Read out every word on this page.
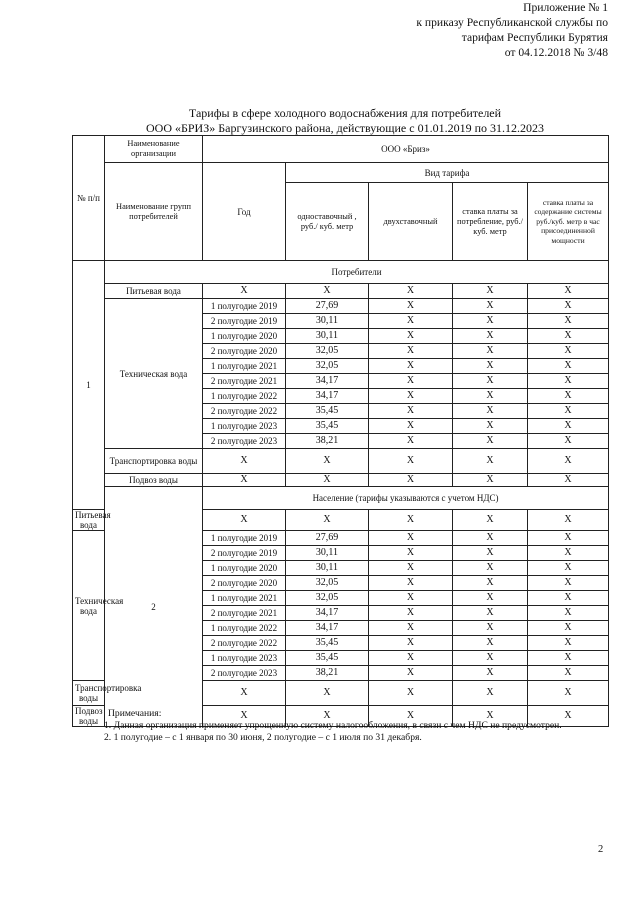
Приложение № 1
к приказу Республиканской службы по
тарифам Республики Бурятия
от 04.12.2018 № 3/48
Тарифы в сфере холодного водоснабжения для потребителей
ООО «БРИЗ» Баргузинского района, действующие с 01.01.2019 по 31.12.2023
№ п/п	Наименование организации	ООО «Бриз»					
	Наименование групп потребителей	Год	Вид тарифа				
			одноставочный , руб./ куб. метр	двухставочный	ставка платы за потребление, руб./ куб. метр	ставка платы за содержание системы руб./куб. метр в час присоединенной мощности	
1	Потребители						
	Питьевая вода	Х	Х	Х	Х	Х	
	Техническая вода	1 полугодие 2019	27,69	Х	Х	Х	
		2 полугодие 2019	30,11	Х	Х	Х	
		1 полугодие 2020	30,11	Х	Х	Х	
		2 полугодие 2020	32,05	Х	Х	Х	
		1 полугодие 2021	32,05	Х	Х	Х	
		2 полугодие 2021	34,17	Х	Х	Х	
		1 полугодие 2022	34,17	Х	Х	Х	
		2 полугодие 2022	35,45	Х	Х	Х	
		1 полугодие 2023	35,45	Х	Х	Х	
		2 полугодие 2023	38,21	Х	Х	Х	
	Транспортировка воды	Х	Х	Х	Х	Х	
	Подвоз воды	Х	Х	Х	Х	Х	
	2	Население (тарифы указываются с учетом НДС)					
Питьевая вода		Х	Х	Х	Х	Х	
Техническая вода		1 полугодие 2019	27,69	Х	Х	Х	
		2 полугодие 2019	30,11	Х	Х	Х	
		1 полугодие 2020	30,11	Х	Х	Х	
		2 полугодие 2020	32,05	Х	Х	Х	
		1 полугодие 2021	32,05	Х	Х	Х	
		2 полугодие 2021	34,17	Х	Х	Х	
		1 полугодие 2022	34,17	Х	Х	Х	
		2 полугодие 2022	35,45	Х	Х	Х	
		1 полугодие 2023	35,45	Х	Х	Х	
		2 полугодие 2023	38,21	Х	Х	Х	
Транспортировка воды		Х	Х	Х	Х	Х	
Подвоз воды		Х	Х	Х	Х	Х	

Примечания:

1. Данная организация применяет упрощенную систему налогообложения, в связи с чем НДС не предусмотрен.

2. 1 полугодие – с 1 января по 30 июня, 2 полугодие – с 1 июля по 31 декабря.

2
